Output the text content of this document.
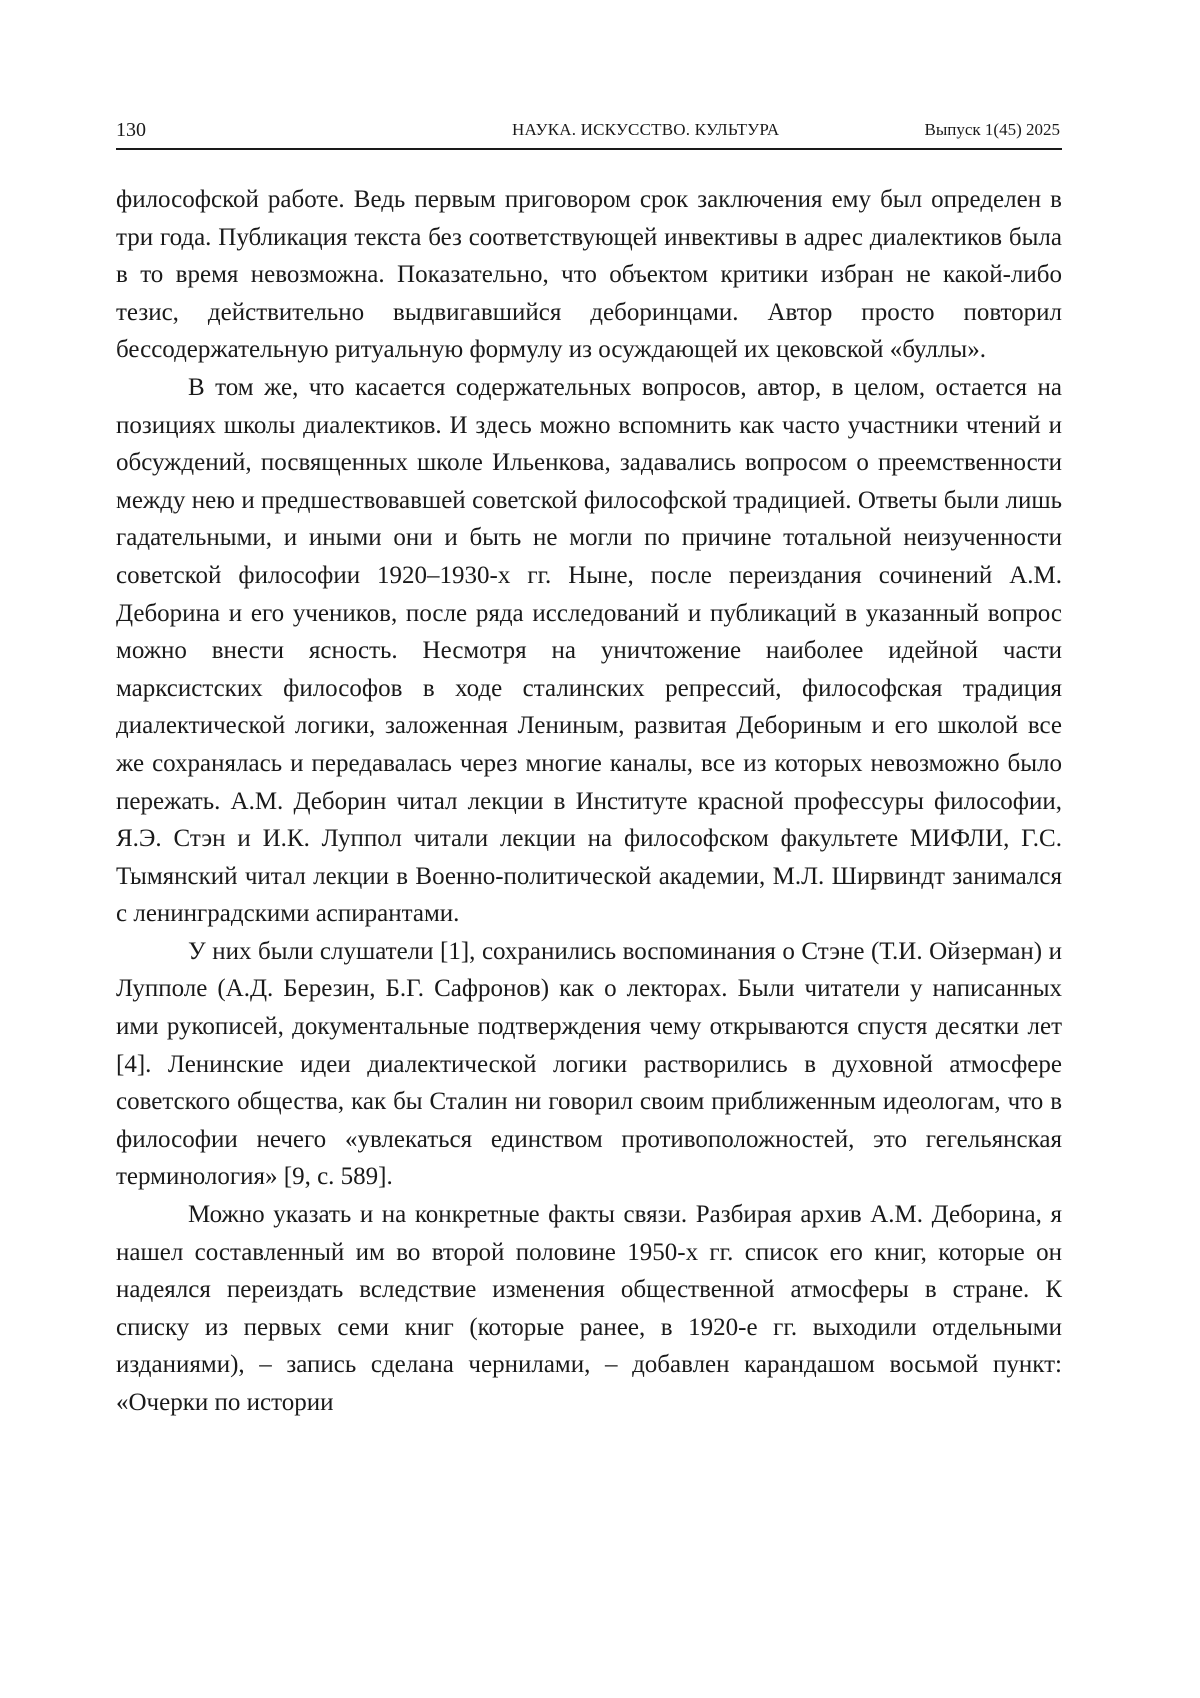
130	НАУКА. ИСКУССТВО. КУЛЬТУРА	Выпуск 1(45) 2025

философской работе. Ведь первым приговором срок заключения ему был определен в три года. Публикация текста без соответствующей инвективы в адрес диалектиков была в то время невозможна. Показательно, что объектом критики избран не какой-либо тезис, действительно выдвигавшийся деборинцами. Автор просто повторил бессодержательную ритуальную формулу из осуждающей их цековской «буллы».

В том же, что касается содержательных вопросов, автор, в целом, остается на позициях школы диалектиков. И здесь можно вспомнить как часто участники чтений и обсуждений, посвященных школе Ильенкова, задавались вопросом о преемственности между нею и предшествовавшей советской философской традицией. Ответы были лишь гадательными, и иными они и быть не могли по причине тотальной неизученности советской философии 1920–1930-х гг. Ныне, после переиздания сочинений А.М. Деборина и его учеников, после ряда исследований и публикаций в указанный вопрос можно внести ясность. Несмотря на уничтожение наиболее идейной части марксистских философов в ходе сталинских репрессий, философская традиция диалектической логики, заложенная Лениным, развитая Дебориным и его школой все же сохранялась и передавалась через многие каналы, все из которых невозможно было пережать. А.М. Деборин читал лекции в Институте красной профессуры философии, Я.Э. Стэн и И.К. Луппол читали лекции на философском факультете МИФЛИ, Г.С. Тымянский читал лекции в Военно-политической академии, М.Л. Ширвиндт занимался с ленинградскими аспирантами.

У них были слушатели [1], сохранились воспоминания о Стэне (Т.И. Ойзерман) и Лупполе (А.Д. Березин, Б.Г. Сафронов) как о лекторах. Были читатели у написанных ими рукописей, документальные подтверждения чему открываются спустя десятки лет [4]. Ленинские идеи диалектической логики растворились в духовной атмосфере советского общества, как бы Сталин ни говорил своим приближенным идеологам, что в философии нечего «увлекаться единством противоположностей, это гегельянская терминология» [9, с. 589].

Можно указать и на конкретные факты связи. Разбирая архив А.М. Деборина, я нашел составленный им во второй половине 1950-х гг. список его книг, которые он надеялся переиздать вследствие изменения общественной атмосферы в стране. К списку из первых семи книг (которые ранее, в 1920-е гг. выходили отдельными изданиями), – запись сделана чернилами, – добавлен карандашом восьмой пункт: «Очерки по истории
